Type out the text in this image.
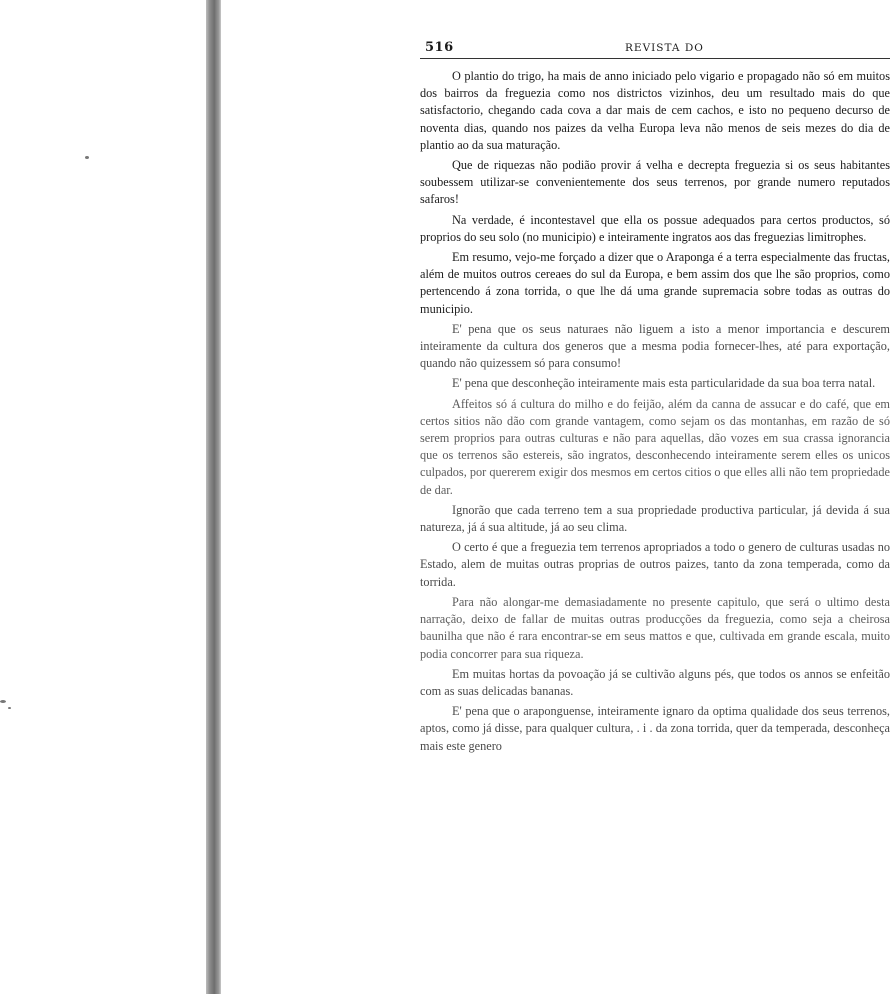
516	REVISTA DO

O plantio do trigo, ha mais de anno iniciado pelo vigario e propagado não só em muitos dos bairros da freguezia como nos districtos vizinhos, deu um resultado mais do que satisfactorio, chegando cada cova a dar mais de cem cachos, e isto no pequeno decurso de noventa dias, quando nos paizes da velha Europa leva não menos de seis mezes do dia de plantio ao da sua maturação.

Que de riquezas não podião provir á velha e decrepta freguezia si os seus habitantes soubessem utilizar-se convenientemente dos seus terrenos, por grande numero reputados safaros!

Na verdade, é incontestavel que ella os possue adequados para certos productos, só proprios do seu solo (no municipio) e inteiramente ingratos aos das freguezias limitrophes.

Em resumo, vejo-me forçado a dizer que o Araponga é a terra especialmente das fructas, além de muitos outros cereaes do sul da Europa, e bem assim dos que lhe são proprios, como pertencendo á zona torrida, o que lhe dá uma grande supremacia sobre todas as outras do municipio.

E' pena que os seus naturaes não liguem a isto a menor importancia e descurem inteiramente da cultura dos generos que a mesma podia fornecer-lhes, até para exportação, quando não quizessem só para consumo!

E' pena que desconheção inteiramente mais esta particularidade da sua boa terra natal.

Affeitos só á cultura do milho e do feijão, além da canna de assucar e do café, que em certos sitios não dão com grande vantagem, como sejam os das montanhas, em razão de só serem proprios para outras culturas e não para aquellas, dão vozes em sua crassa ignorancia que os terrenos são estereis, são ingratos, desconhecendo inteiramente serem elles os unicos culpados, por quererem exigir dos mesmos em certos citios o que elles alli não tem propriedade de dar.

Ignorão que cada terreno tem a sua propriedade productiva particular, já devida á sua natureza, já á sua altitude, já ao seu clima.

O certo é que a freguezia tem terrenos apropriados a todo o genero de culturas usadas no Estado, alem de muitas outras proprias de outros paizes, tanto da zona temperada, como da torrida.

Para não alongar-me demasiadamente no presente capitulo, que será o ultimo desta narração, deixo de fallar de muitas outras producções da freguezia, como seja a cheirosa baunilha que não é rara encontrar-se em seus mattos e que, cultivada em grande escala, muito podia concorrer para sua riqueza.

Em muitas hortas da povoação já se cultivão alguns pés, que todos os annos se enfeitão com as suas delicadas bananas.

E' pena que o araponguense, inteiramente ignaro da optima qualidade dos seus terrenos, aptos, como já disse, para qualquer cultura, . i . da zona torrida, quer da temperada, desconheça mais este genero
